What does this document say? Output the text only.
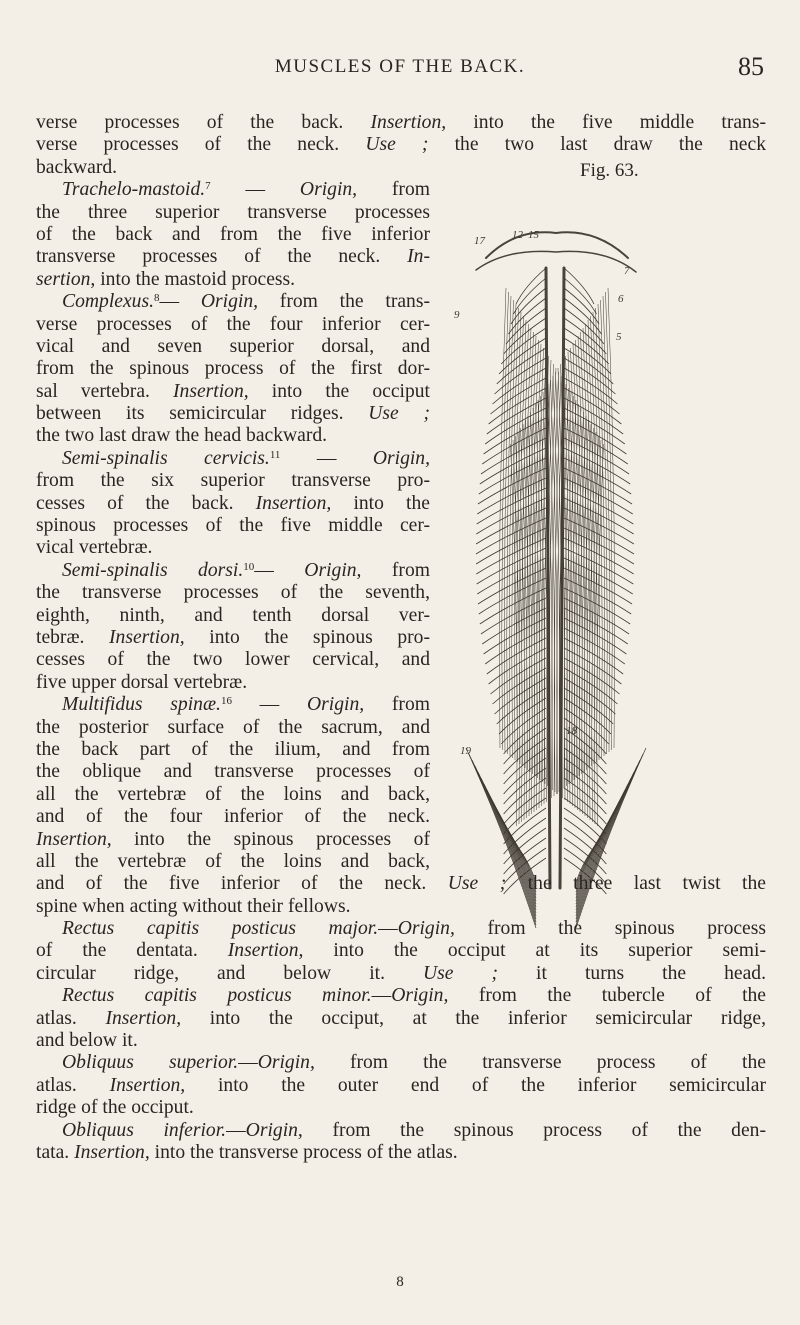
MUSCLES OF THE BACK.	85
Fig. 63.
17 12 15
7
6
9
5
18
19
verse processes of the back. Insertion, into the five middle trans-
verse processes of the neck. Use ; the two last draw the neck
backward.
Trachelo-mastoid.$^7$ — Origin, from
the three superior transverse processes
of the back and from the five inferior
transverse processes of the neck. In-
sertion, into the mastoid process.
Complexus.$^8$— Origin, from the trans-
verse processes of the four inferior cer-
vical and seven superior dorsal, and
from the spinous process of the first dor-
sal vertebra. Insertion, into the occiput
between its semicircular ridges. Use ;
the two last draw the head backward.
Semi-spinalis cervicis.$^{11}$ — Origin,
from the six superior transverse pro-
cesses of the back. Insertion, into the
spinous processes of the five middle cer-
vical vertebræ.
Semi-spinalis dorsi.$^{10}$— Origin, from
the transverse processes of the seventh,
eighth, ninth, and tenth dorsal ver-
tebræ. Insertion, into the spinous pro-
cesses of the two lower cervical, and
five upper dorsal vertebræ.
Multifidus spinæ.$^{16}$ — Origin, from
the posterior surface of the sacrum, and
the back part of the ilium, and from
the oblique and transverse processes of
all the vertebræ of the loins and back,
and of the four inferior of the neck.
Insertion, into the spinous processes of
all the vertebræ of the loins and back,
and of the five inferior of the neck. Use ; the three last twist the
spine when acting without their fellows.
Rectus capitis posticus major.—Origin, from the spinous process
of the dentata. Insertion, into the occiput at its superior semi-
circular ridge, and below it. Use ; it turns the head.
Rectus capitis posticus minor.—Origin, from the tubercle of the
atlas. Insertion, into the occiput, at the inferior semicircular ridge,
and below it.
Obliquus superior.—Origin, from the transverse process of the
atlas. Insertion, into the outer end of the inferior semicircular
ridge of the occiput.
Obliquus inferior.—Origin, from the spinous process of the den-
tata. Insertion, into the transverse process of the atlas.
8
